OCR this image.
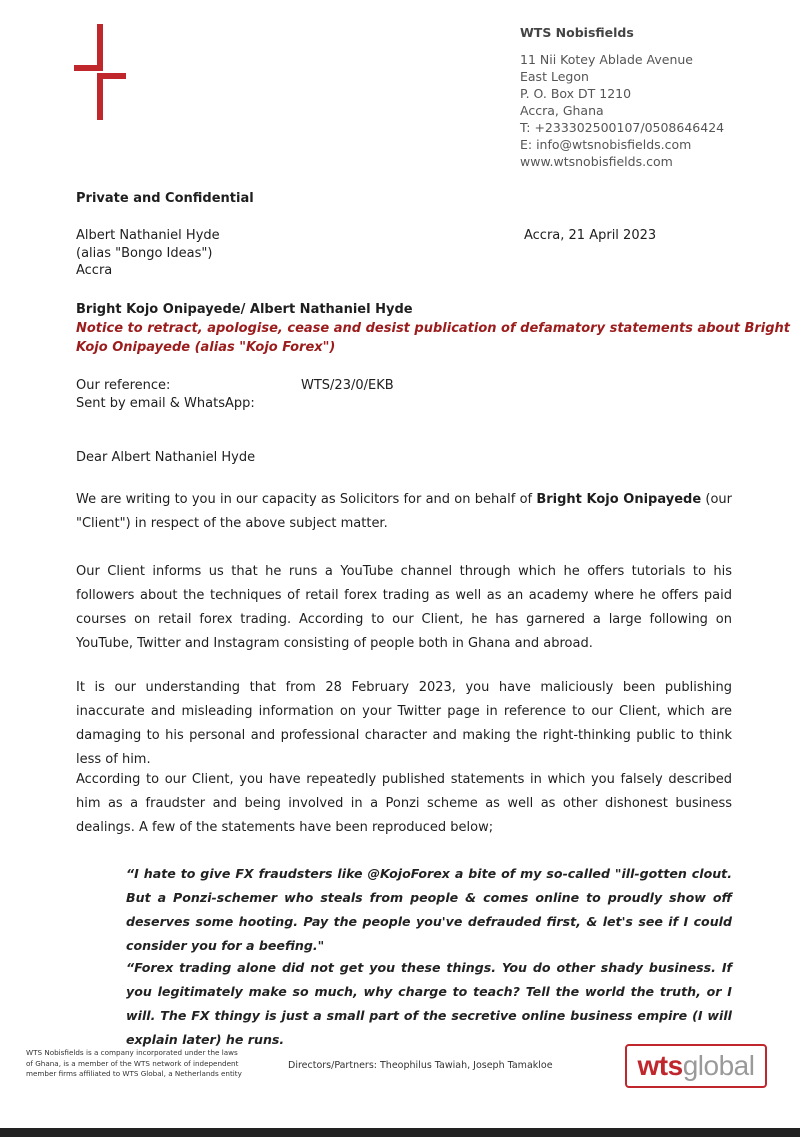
WTS Nobisfields
11 Nii Kotey Ablade Avenue
East Legon
P. O. Box DT 1210
Accra, Ghana
T: +233302500107/0508646424
E: info@wtsnobisfields.com
www.wtsnobisfields.com
Private and Confidential
Albert Nathaniel Hyde
(alias "Bongo Ideas")
Accra
Accra, 21 April 2023
Bright Kojo Onipayede/ Albert Nathaniel Hyde
Notice to retract, apologise, cease and desist publication of defamatory statements about Bright
Kojo Onipayede (alias "Kojo Forex")
Our reference:	WTS/23/0/EKB
Sent by email & WhatsApp:
Dear Albert Nathaniel Hyde
We are writing to you in our capacity as Solicitors for and on behalf of Bright Kojo Onipayede (our "Client") in respect of the above subject matter.
Our Client informs us that he runs a YouTube channel through which he offers tutorials to his followers about the techniques of retail forex trading as well as an academy where he offers paid courses on retail forex trading. According to our Client, he has garnered a large following on YouTube, Twitter and Instagram consisting of people both in Ghana and abroad.
It is our understanding that from 28 February 2023, you have maliciously been publishing inaccurate and misleading information on your Twitter page in reference to our Client, which are damaging to his personal and professional character and making the right-thinking public to think less of him.
According to our Client, you have repeatedly published statements in which you falsely described him as a fraudster and being involved in a Ponzi scheme as well as other dishonest business dealings. A few of the statements have been reproduced below;
“I hate to give FX fraudsters like @KojoForex a bite of my so-called "ill-gotten clout. But a Ponzi-schemer who steals from people & comes online to proudly show off deserves some hooting. Pay the people you've defrauded first, & let's see if I could consider you for a beefing."
“Forex trading alone did not get you these things. You do other shady business. If you legitimately make so much, why charge to teach? Tell the world the truth, or I will. The FX thingy is just a small part of the secretive online business empire (I will explain later) he runs.
WTS Nobisfields is a company incorporated under the laws of Ghana, is a member of the WTS network of independent member firms affiliated to WTS Global, a Netherlands entity
Directors/Partners: Theophilus Tawiah, Joseph Tamakloe	wts global
